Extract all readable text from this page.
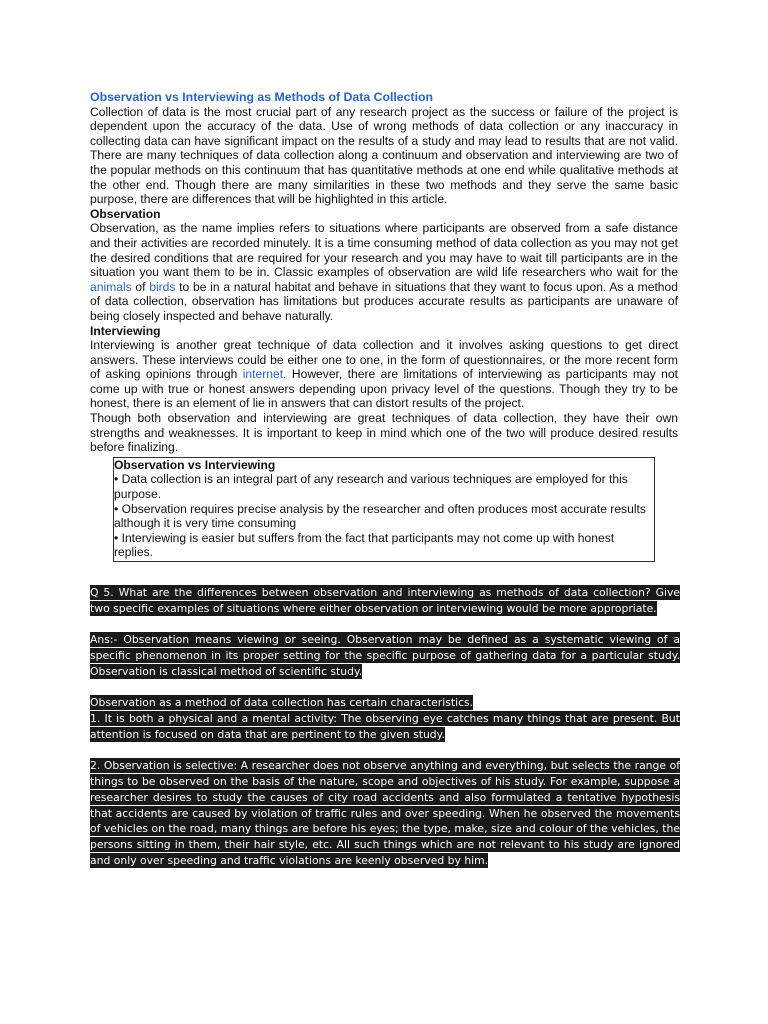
Observation vs Interviewing as Methods of Data Collection

Collection of data is the most crucial part of any research project as the success or failure of the project is dependent upon the accuracy of the data. Use of wrong methods of data collection or any inaccuracy in collecting data can have significant impact on the results of a study and may lead to results that are not valid. There are many techniques of data collection along a continuum and observation and interviewing are two of the popular methods on this continuum that has quantitative methods at one end while qualitative methods at the other end. Though there are many similarities in these two methods and they serve the same basic purpose, there are differences that will be highlighted in this article.

Observation

Observation, as the name implies refers to situations where participants are observed from a safe distance and their activities are recorded minutely. It is a time consuming method of data collection as you may not get the desired conditions that are required for your research and you may have to wait till participants are in the situation you want them to be in. Classic examples of observation are wild life researchers who wait for the animals of birds to be in a natural habitat and behave in situations that they want to focus upon. As a method of data collection, observation has limitations but produces accurate results as participants are unaware of being closely inspected and behave naturally.

Interviewing

Interviewing is another great technique of data collection and it involves asking questions to get direct answers. These interviews could be either one to one, in the form of questionnaires, or the more recent form of asking opinions through internet. However, there are limitations of interviewing as participants may not come up with true or honest answers depending upon privacy level of the questions. Though they try to be honest, there is an element of lie in answers that can distort results of the project.

Though both observation and interviewing are great techniques of data collection, they have their own strengths and weaknesses. It is important to keep in mind which one of the two will produce desired results before finalizing.

Observation vs Interviewing

• Data collection is an integral part of any research and various techniques are employed for this purpose.

• Observation requires precise analysis by the researcher and often produces most accurate results although it is very time consuming

• Interviewing is easier but suffers from the fact that participants may not come up with honest replies.

Q 5. What are the differences between observation and interviewing as methods of data collection? Give two specific examples of situations where either observation or interviewing would be more appropriate.

Ans:- Observation means viewing or seeing. Observation may be defined as a systematic viewing of a specific phenomenon in its proper setting for the specific purpose of gathering data for a particular study. Observation is classical method of scientific study.

Observation as a method of data collection has certain characteristics.

1. It is both a physical and a mental activity: The observing eye catches many things that are present. But attention is focused on data that are pertinent to the given study.

2. Observation is selective: A researcher does not observe anything and everything, but selects the range of things to be observed on the basis of the nature, scope and objectives of his study. For example, suppose a researcher desires to study the causes of city road accidents and also formulated a tentative hypothesis that accidents are caused by violation of traffic rules and over speeding. When he observed the movements of vehicles on the road, many things are before his eyes; the type, make, size and colour of the vehicles, the persons sitting in them, their hair style, etc. All such things which are not relevant to his study are ignored and only over speeding and traffic violations are keenly observed by him.
